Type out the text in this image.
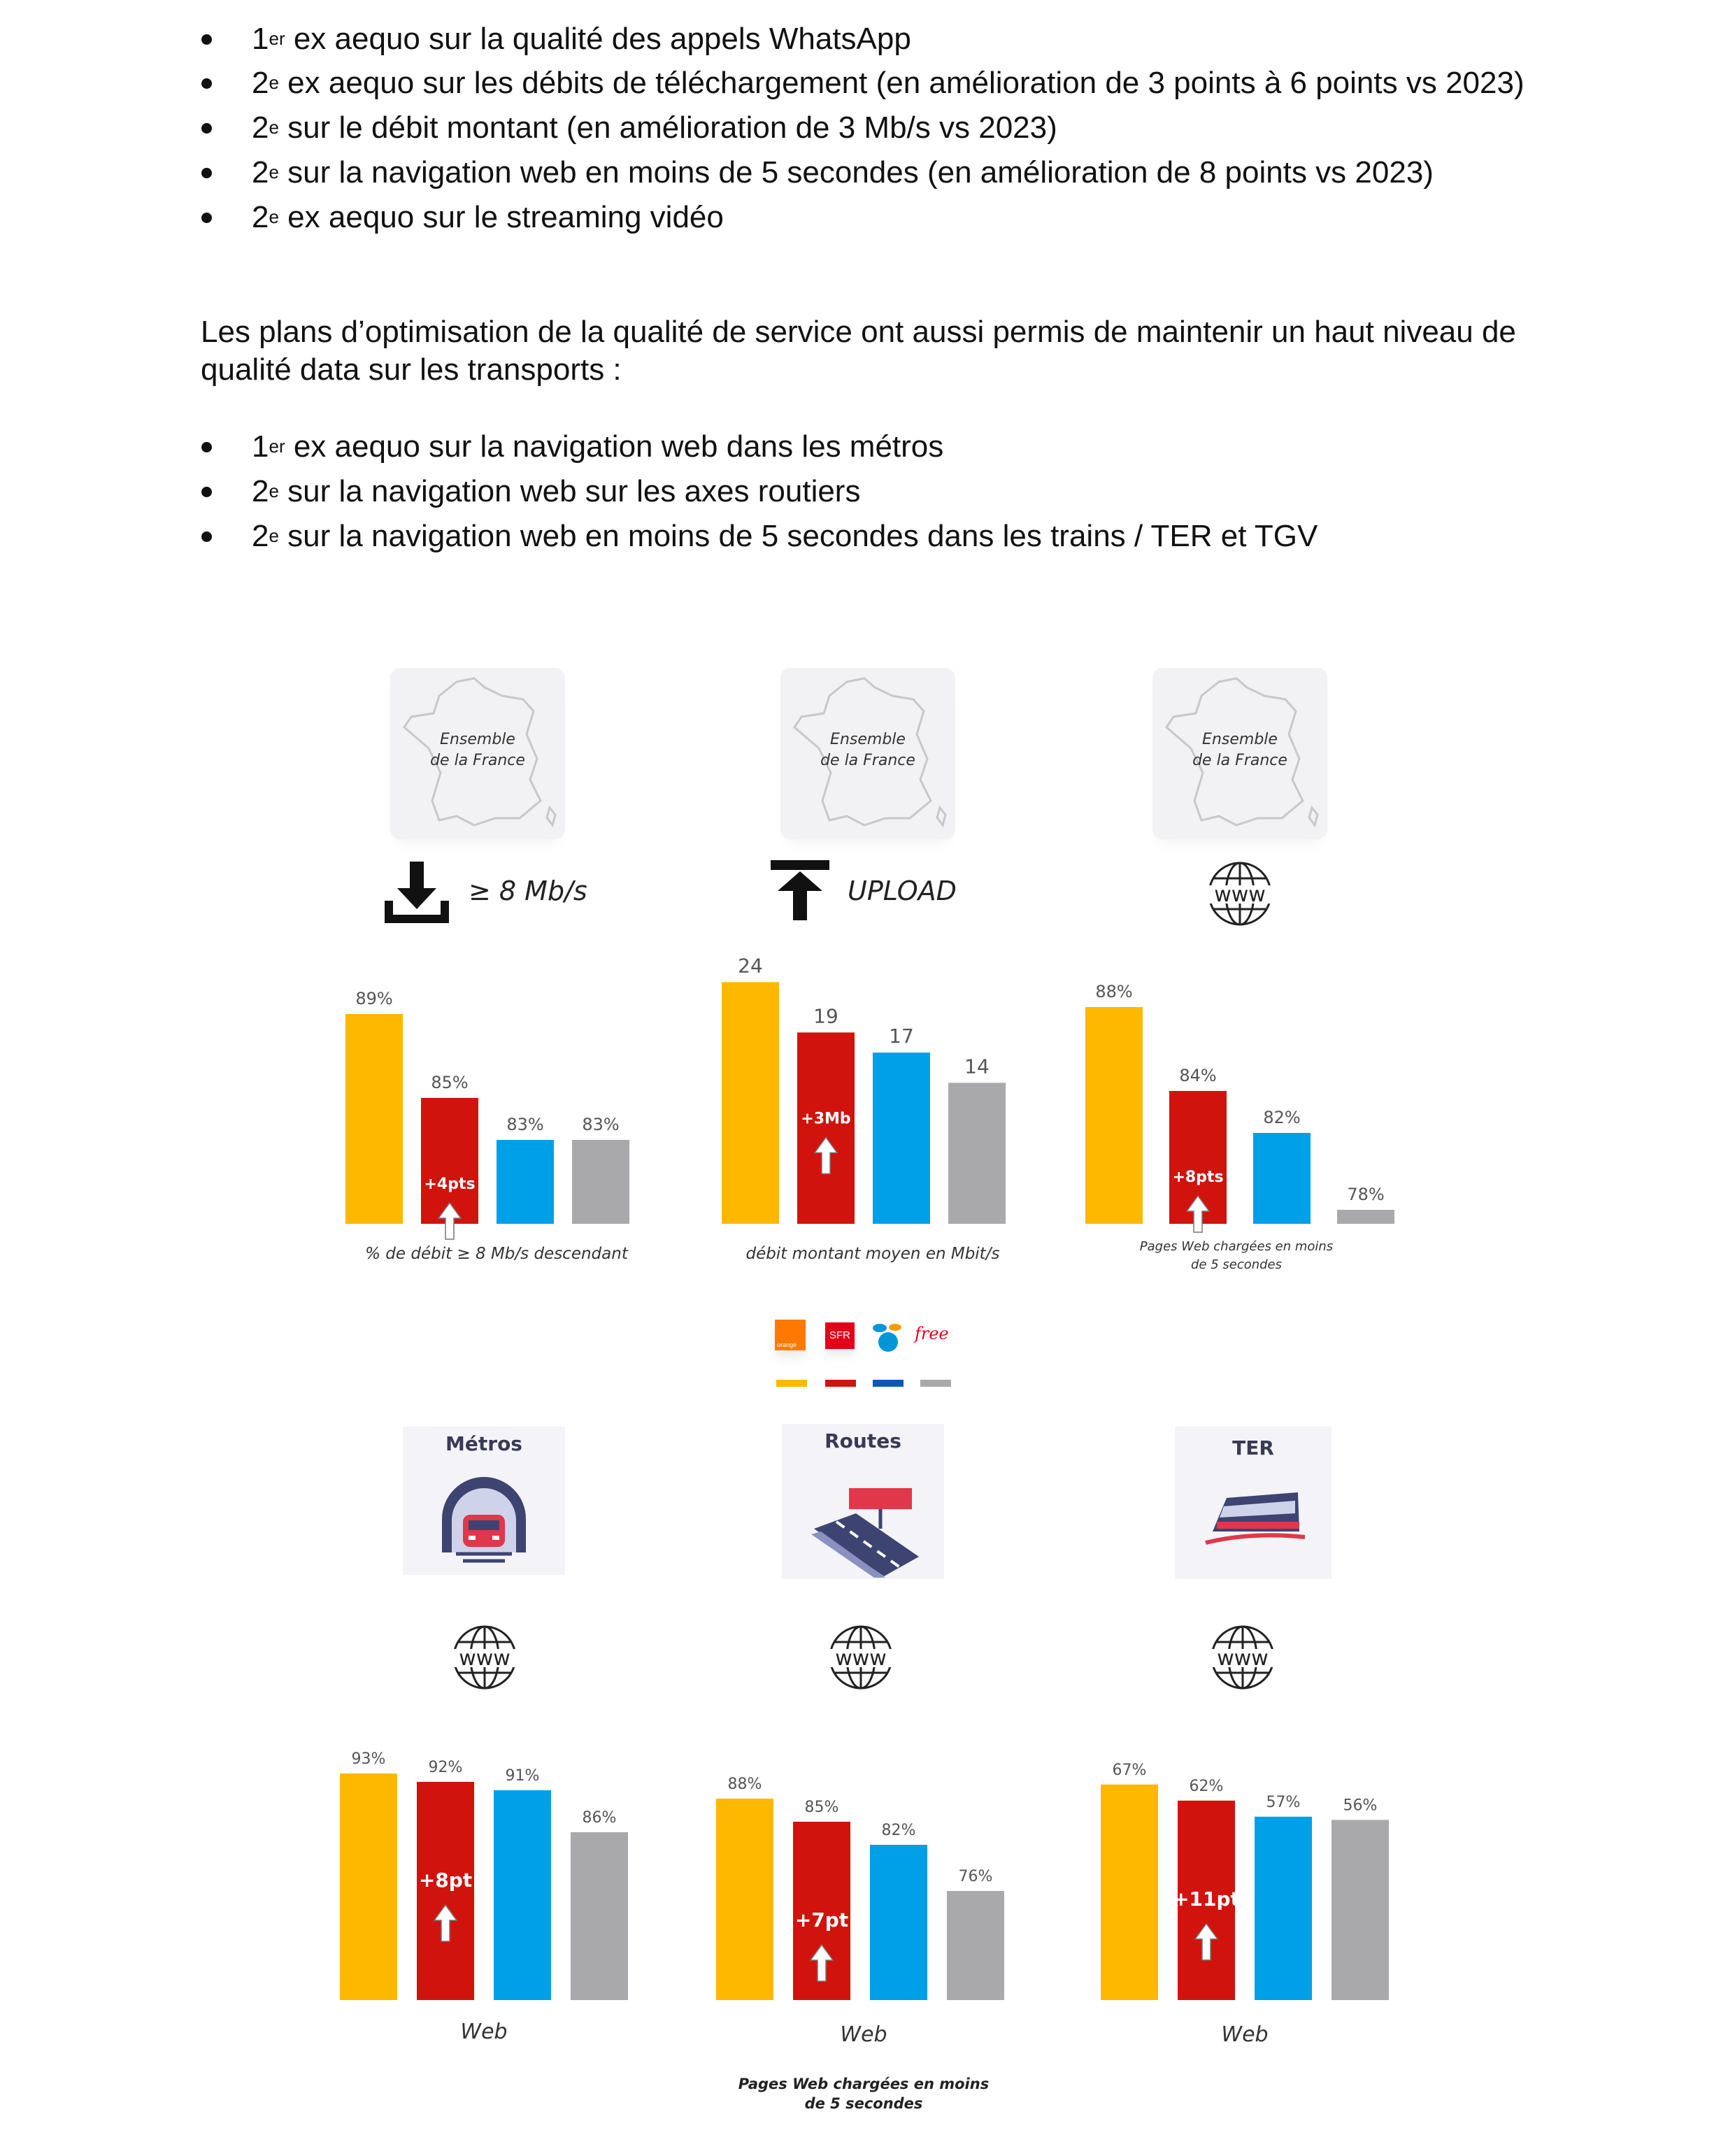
1er ex aequo sur la qualité des appels WhatsApp
2e ex aequo sur les débits de téléchargement (en amélioration de 3 points à 6 points vs 2023)
2e sur le débit montant (en amélioration de 3 Mb/s vs 2023)
2e sur la navigation web en moins de 5 secondes (en amélioration de 8 points vs 2023)
2e ex aequo sur le streaming vidéo

Les plans d’optimisation de la qualité de service ont aussi permis de maintenir un haut niveau de qualité data sur les transports :

1er ex aequo sur la navigation web dans les métros
2e sur la navigation web sur les axes routiers
2e sur la navigation web en moins de 5 secondes dans les trains / TER et TGV
Ensemble
de la France
Ensemble
de la France
Ensemble
de la France
≥ 8 Mb/s	UPLOAD	www
89%
85%
+4pts
83% 83%
24
19
+3Mb
17
14
88%
84%
+8pts
82%
78%
% de débit ≥ 8 Mb/s descendant	débit montant moyen en Mbit/s	Pages Web chargées en moins
de 5 secondes
orange
SFR	free
Métros	Routes	TER
www	www	www
93%	92%
+8pt
91%
86%
88%
85%
+7pt
82%
76%
67%
62%
+11pt
57%	56%
Web	Web	Web
Pages Web chargées en moins
de 5 secondes
